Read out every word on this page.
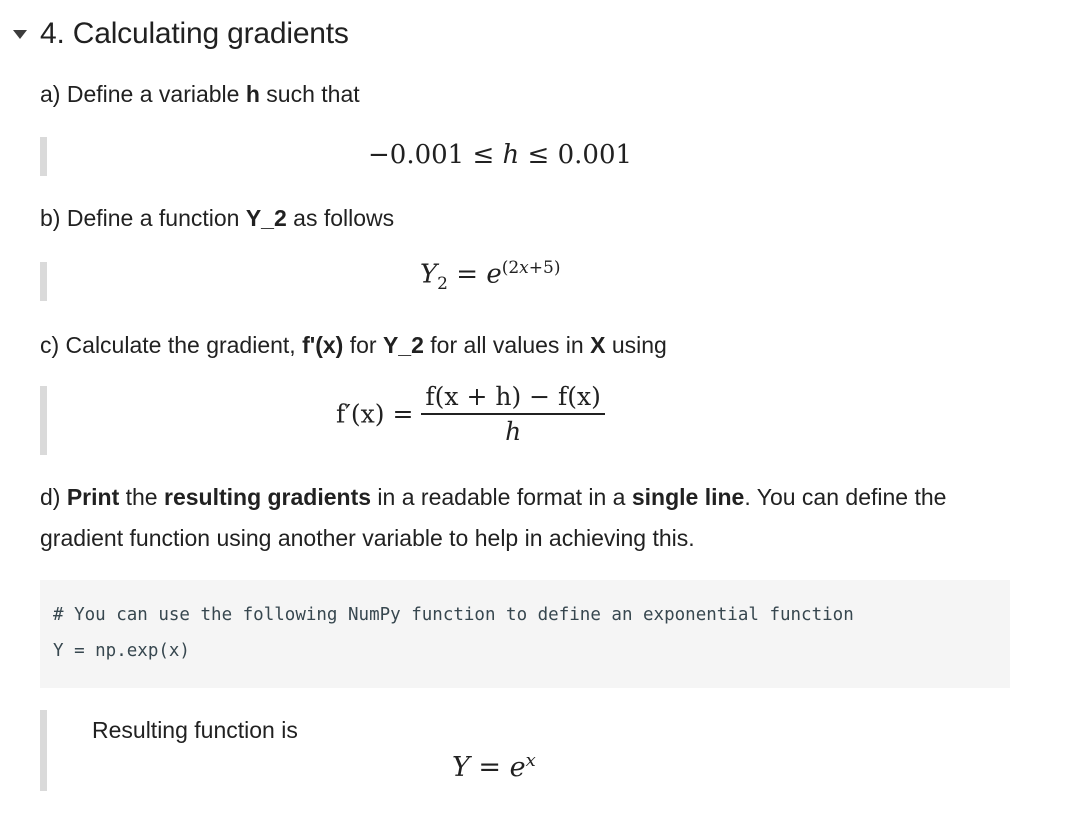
4. Calculating gradients

a) Define a variable h such that

−0.001 ≤ h ≤ 0.001

b) Define a function Y_2 as follows

$Y_2 = e^{(2x+5)}$

c) Calculate the gradient, f'(x) for Y_2 for all values in X using

$f'(x) = \frac{f(x + h) - f(x)}{h}$

d) Print the resulting gradients in a readable format in a single line. You can define the

gradient function using another variable to help in achieving this.

# You can use the following NumPy function to define an exponential function
Y = np.exp(x)

Resulting function is

$Y = e^x$
